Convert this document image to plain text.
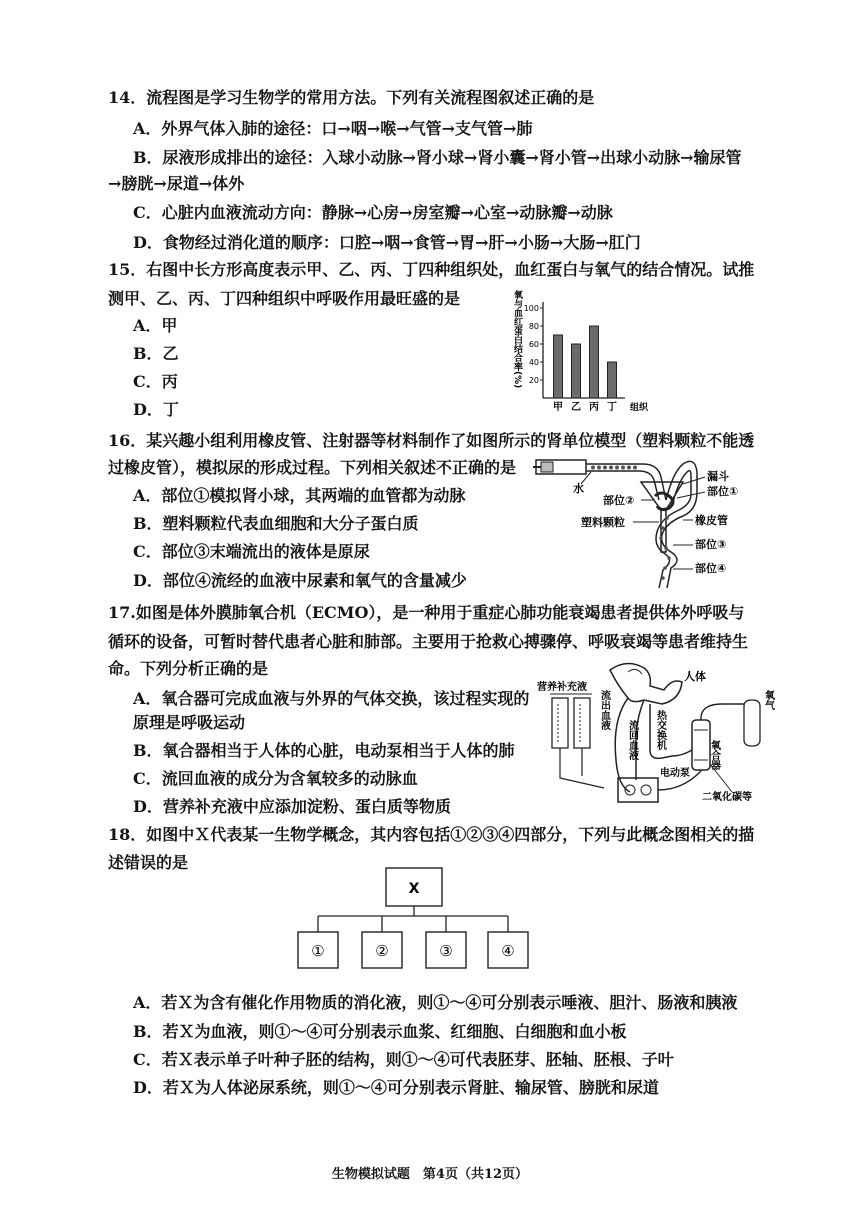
14．流程图是学习生物学的常用方法。下列有关流程图叙述正确的是
A．外界气体入肺的途径：口→咽→喉→气管→支气管→肺
B．尿液形成排出的途径：入球小动脉→肾小球→肾小囊→肾小管→出球小动脉→输尿管
→膀胱→尿道→体外
C．心脏内血液流动方向：静脉→心房→房室瓣→心室→动脉瓣→动脉
D．食物经过消化道的顺序：口腔→咽→食管→胃→肝→小肠→大肠→肛门
15．右图中长方形高度表示甲、乙、丙、丁四种组织处，血红蛋白与氧气的结合情况。试推
测甲、乙、丙、丁四种组织中呼吸作用最旺盛的是
A．甲
B．乙
C．丙
D．丁
氧与血红蛋白结合率(%) 20
40
60
80
100
甲 乙 丙 丁 组织
16．某兴趣小组利用橡皮管、注射器等材料制作了如图所示的肾单位模型（塑料颗粒不能透
过橡皮管），模拟尿的形成过程。下列相关叙述不正确的是
A．部位①模拟肾小球，其两端的血管都为动脉
B．塑料颗粒代表血细胞和大分子蛋白质
C．部位③末端流出的液体是原尿
D．部位④流经的血液中尿素和氧气的含量减少
水
漏斗
部位①
部位②
塑料颗粒	橡皮管
部位③
部位④
17.如图是体外膜肺氧合机（ECMO），是一种用于重症心肺功能衰竭患者提供体外呼吸与
循环的设备，可暂时替代患者心脏和肺部。主要用于抢救心搏骤停、呼吸衰竭等患者维持生
命。下列分析正确的是
A．氧合器可完成血液与外界的气体交换，该过程实现的
原理是呼吸运动
B．氧合器相当于人体的心脏，电动泵相当于人体的肺
C．流回血液的成分为含氧较多的动脉血
D．营养补充液中应添加淀粉、蛋白质等物质
人体
营养补充液
流出血液
流回血液 热交换机
氧合器
氧气
电动泵
二氧化碳等
18．如图中Ｘ代表某一生物学概念，其内容包括①②③④四部分，下列与此概念图相关的描
述错误的是
X
①	②	③	④
A．若Ｘ为含有催化作用物质的消化液，则①～④可分别表示唾液、胆汁、肠液和胰液
B．若Ｘ为血液，则①～④可分别表示血浆、红细胞、白细胞和血小板
C．若Ｘ表示单子叶种子胚的结构，则①～④可代表胚芽、胚轴、胚根、子叶
D．若Ｘ为人体泌尿系统，则①～④可分别表示肾脏、输尿管、膀胱和尿道
生物模拟试题　第4页（共12页）
